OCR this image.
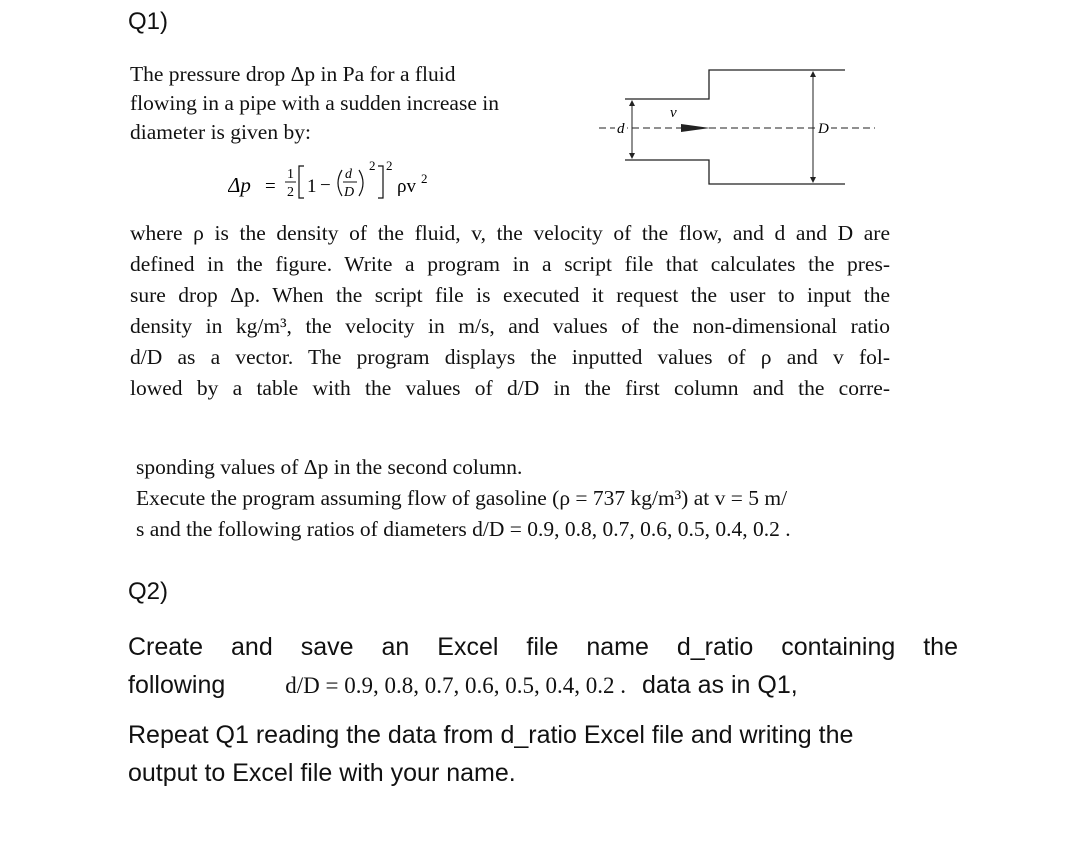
Q1)
The pressure drop Δp in Pa for a fluid
flowing in a pipe with a sudden increase in
diameter is given by:
Δp =
1
2 1 −
d
D
2 2
ρv 2
d
v
D
where ρ is the density of the fluid, v, the velocity of the flow, and d and D are
defined in the figure. Write a program in a script file that calculates the pres-
sure drop Δp. When the script file is executed it request the user to input the
density in kg/m³, the velocity in m/s, and values of the non-dimensional ratio
d/D as a vector. The program displays the inputted values of ρ and v fol-
lowed by a table with the values of d/D in the first column and the corre-
sponding values of Δp in the second column.
Execute the program assuming flow of gasoline (ρ = 737 kg/m³) at v = 5 m/
s and the following ratios of diameters d/D = 0.9, 0.8, 0.7, 0.6, 0.5, 0.4, 0.2 .
Q2)
Create and save an Excel file name d_ratio containing the
following	d/D = 0.9, 0.8, 0.7, 0.6, 0.5, 0.4, 0.2 . data as in Q1,
Repeat Q1 reading the data from d_ratio Excel file and writing the
output to Excel file with your name.
